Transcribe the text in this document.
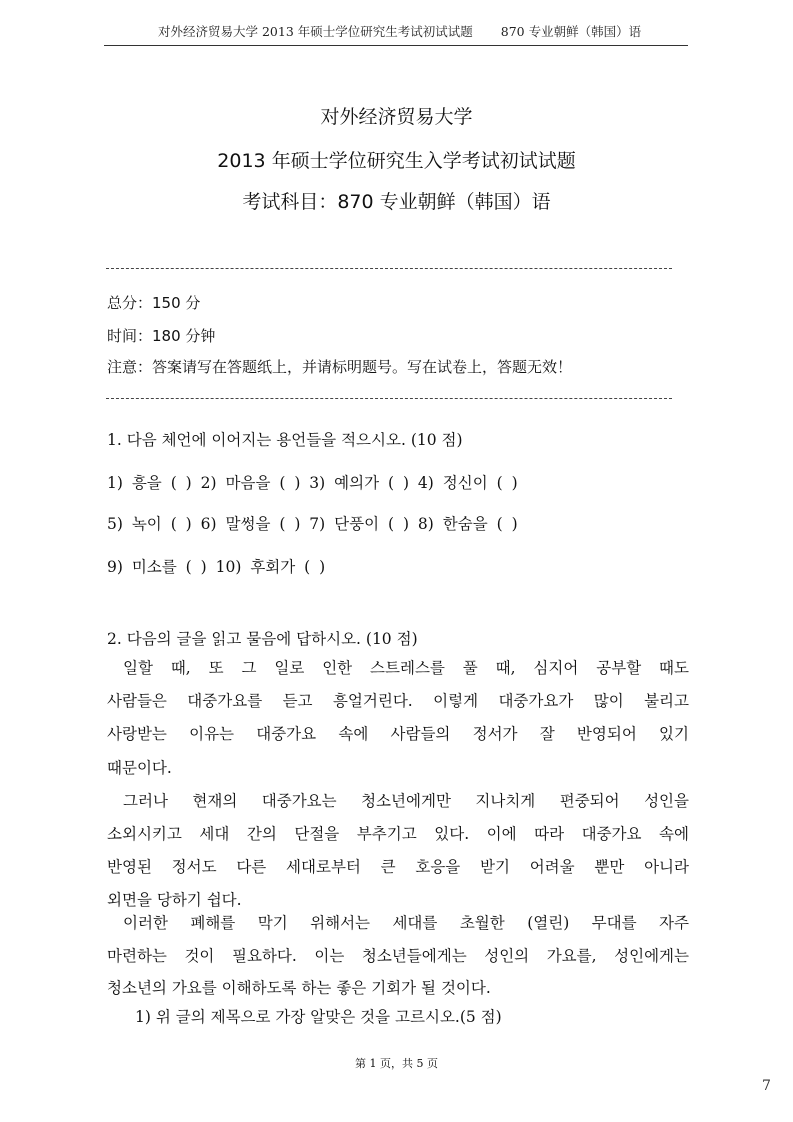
对外经济贸易大学 2013 年硕士学位研究生考试初试试题 870 专业朝鲜（韩国）语
对外经济贸易大学
2013 年硕士学位研究生入学考试初试试题
考试科目：870 专业朝鲜（韩国）语
总分：150 分
时间：180 分钟
注意：答案请写在答题纸上，并请标明题号。写在试卷上，答题无效！
1. 다음 체언에 이어지는 용언들을 적으시오. (10 점)
1) 흥을 ( ) 2) 마음을 ( ) 3) 예의가 ( ) 4) 정신이 ( )
5) 녹이 ( ) 6) 말썽을 ( ) 7) 단풍이 ( ) 8) 한숨을 ( )
9) 미소를 ( ) 10) 후회가 ( )
2. 다음의 글을 읽고 물음에 답하시오. (10 점)
일할 때, 또 그 일로 인한 스트레스를 풀 때, 심지어 공부할 때도
사람들은 대중가요를 듣고 흥얼거린다. 이렇게 대중가요가 많이 불리고
사랑받는 이유는 대중가요 속에 사람들의 정서가 잘 반영되어 있기
때문이다.
그러나 현재의 대중가요는 청소년에게만 지나치게 편중되어 성인을
소외시키고 세대 간의 단절을 부추기고 있다. 이에 따라 대중가요 속에
반영된 정서도 다른 세대로부터 큰 호응을 받기 어려울 뿐만 아니라
외면을 당하기 쉽다.
이러한 폐해를 막기 위해서는 세대를 초월한 (열린) 무대를 자주
마련하는 것이 필요하다. 이는 청소년들에게는 성인의 가요를, 성인에게는
청소년의 가요를 이해하도록 하는 좋은 기회가 될 것이다.
1) 위 글의 제목으로 가장 알맞은 것을 고르시오.(5 점)
第 1 页，共 5 页
7
